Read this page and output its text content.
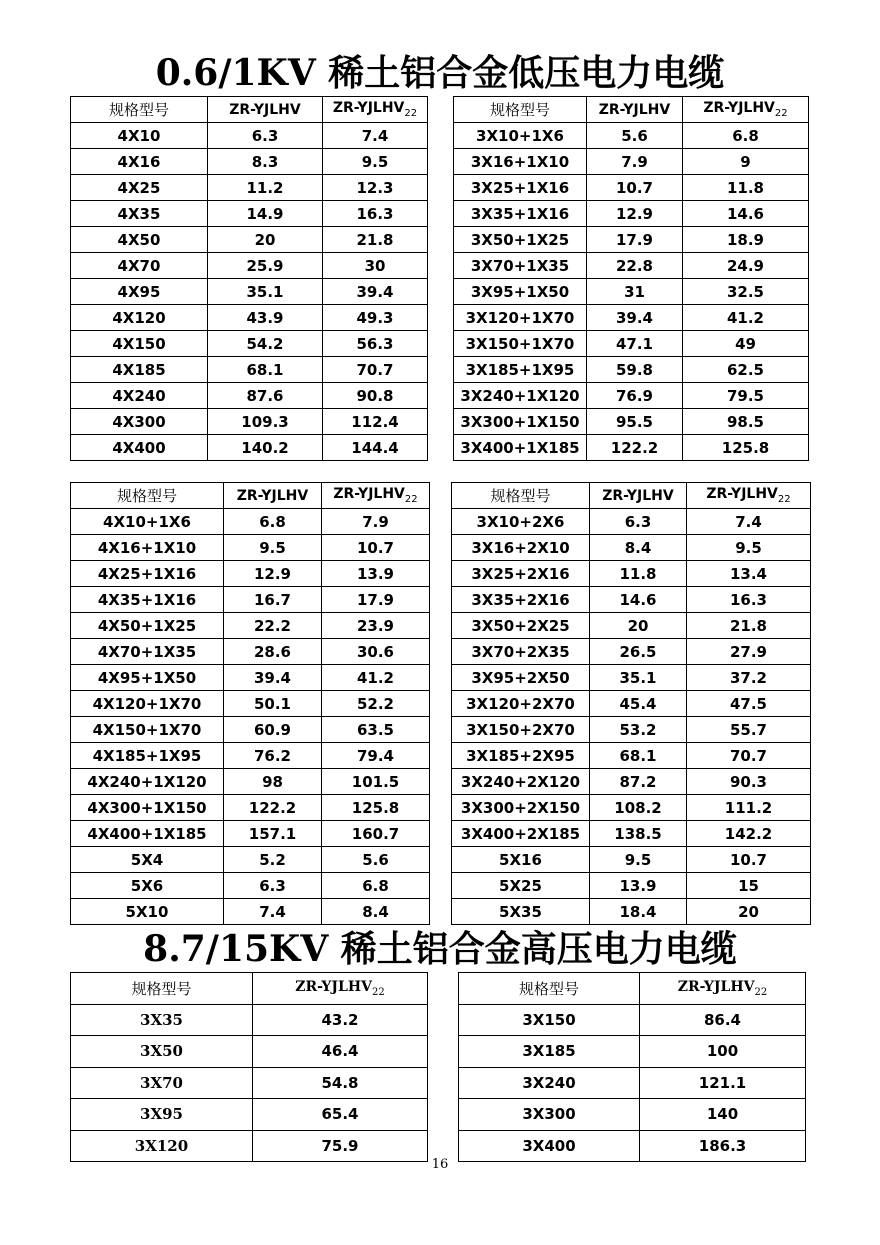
0.6/1KV 稀土铝合金低压电力电缆
规格型号	ZR-YJLHV	$ZR-YJLHV_{22}$
4X10	6.3	7.4
4X16	8.3	9.5
4X25	11.2	12.3
4X35	14.9	16.3
4X50	20	21.8
4X70	25.9	30
4X95	35.1	39.4
4X120	43.9	49.3
4X150	54.2	56.3
4X185	68.1	70.7
4X240	87.6	90.8
4X300	109.3	112.4
4X400	140.2	144.4
规格型号	ZR-YJLHV	$ZR-YJLHV_{22}$
3X10+1X6	5.6	6.8
3X16+1X10	7.9	9
3X25+1X16	10.7	11.8
3X35+1X16	12.9	14.6
3X50+1X25	17.9	18.9
3X70+1X35	22.8	24.9
3X95+1X50	31	32.5
3X120+1X70	39.4	41.2
3X150+1X70	47.1	49
3X185+1X95	59.8	62.5
3X240+1X120	76.9	79.5
3X300+1X150	95.5	98.5
3X400+1X185	122.2	125.8
规格型号	ZR-YJLHV	$ZR-YJLHV_{22}$
4X10+1X6	6.8	7.9
4X16+1X10	9.5	10.7
4X25+1X16	12.9	13.9
4X35+1X16	16.7	17.9
4X50+1X25	22.2	23.9
4X70+1X35	28.6	30.6
4X95+1X50	39.4	41.2
4X120+1X70	50.1	52.2
4X150+1X70	60.9	63.5
4X185+1X95	76.2	79.4
4X240+1X120	98	101.5
4X300+1X150	122.2	125.8
4X400+1X185	157.1	160.7
5X4	5.2	5.6
5X6	6.3	6.8
5X10	7.4	8.4
规格型号	ZR-YJLHV	$ZR-YJLHV_{22}$
3X10+2X6	6.3	7.4
3X16+2X10	8.4	9.5
3X25+2X16	11.8	13.4
3X35+2X16	14.6	16.3
3X50+2X25	20	21.8
3X70+2X35	26.5	27.9
3X95+2X50	35.1	37.2
3X120+2X70	45.4	47.5
3X150+2X70	53.2	55.7
3X185+2X95	68.1	70.7
3X240+2X120	87.2	90.3
3X300+2X150	108.2	111.2
3X400+2X185	138.5	142.2
5X16	9.5	10.7
5X25	13.9	15
5X35	18.4	20
8.7/15KV 稀土铝合金高压电力电缆
规格型号	$ZR-YJLHV_{22}$
3X35	43.2
3X50	46.4
3X70	54.8
3X95	65.4
3X120	75.9
规格型号	$ZR-YJLHV_{22}$
3X150	86.4
3X185	100
3X240	121.1
3X300	140
3X400	186.3
16
